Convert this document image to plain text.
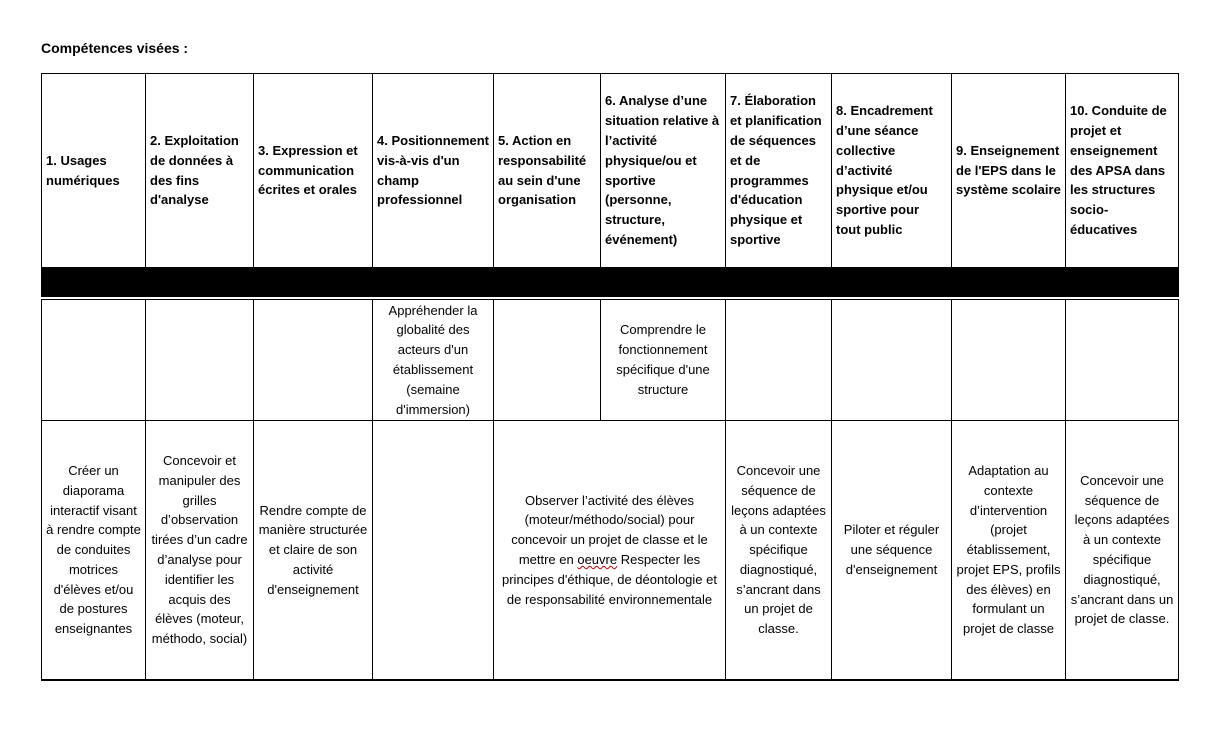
Compétences visées :
1. Usages numériques	2. Exploitation de données à des fins d'analyse	3. Expression et communication écrites et orales	4. Positionnement vis-à-vis d'un champ professionnel	5. Action en responsabilité au sein d'une organisation	6. Analyse d’une situation relative à l’activité physique/ou et sportive (personne, structure, événement)	7. Élaboration et planification de séquences et de programmes d'éducation physique et sportive	8. Encadrement d’une séance collective d’activité physique et/ou sportive pour tout public	9. Enseignement de l'EPS dans le système scolaire	10. Conduite de projet et enseignement des APSA dans les structures socio-éducatives

			Appréhender la globalité des acteurs d'un établissement (semaine d'immersion)		Comprendre le fonctionnement spécifique d'une structure				
Créer un diaporama interactif visant à rendre compte de conduites motrices d'élèves et/ou de postures enseignantes	Concevoir et manipuler des grilles d’observation tirées d’un cadre d’analyse pour identifier les acquis des élèves (moteur, méthodo, social)	Rendre compte de manière structurée et claire de son activité d'enseignement		Observer l’activité des élèves (moteur/méthodo/social) pour concevoir un projet de classe et le mettre en oeuvre Respecter les principes d'éthique, de déontologie et de responsabilité environnementale		Concevoir une séquence de leçons adaptées à un contexte spécifique diagnostiqué, s’ancrant dans un projet de classe.	Piloter et réguler une séquence d'enseignement	Adaptation au contexte d’intervention (projet établissement, projet EPS, profils des élèves) en formulant un projet de classe	Concevoir une séquence de leçons adaptées à un contexte spécifique diagnostiqué, s’ancrant dans un projet de classe.
